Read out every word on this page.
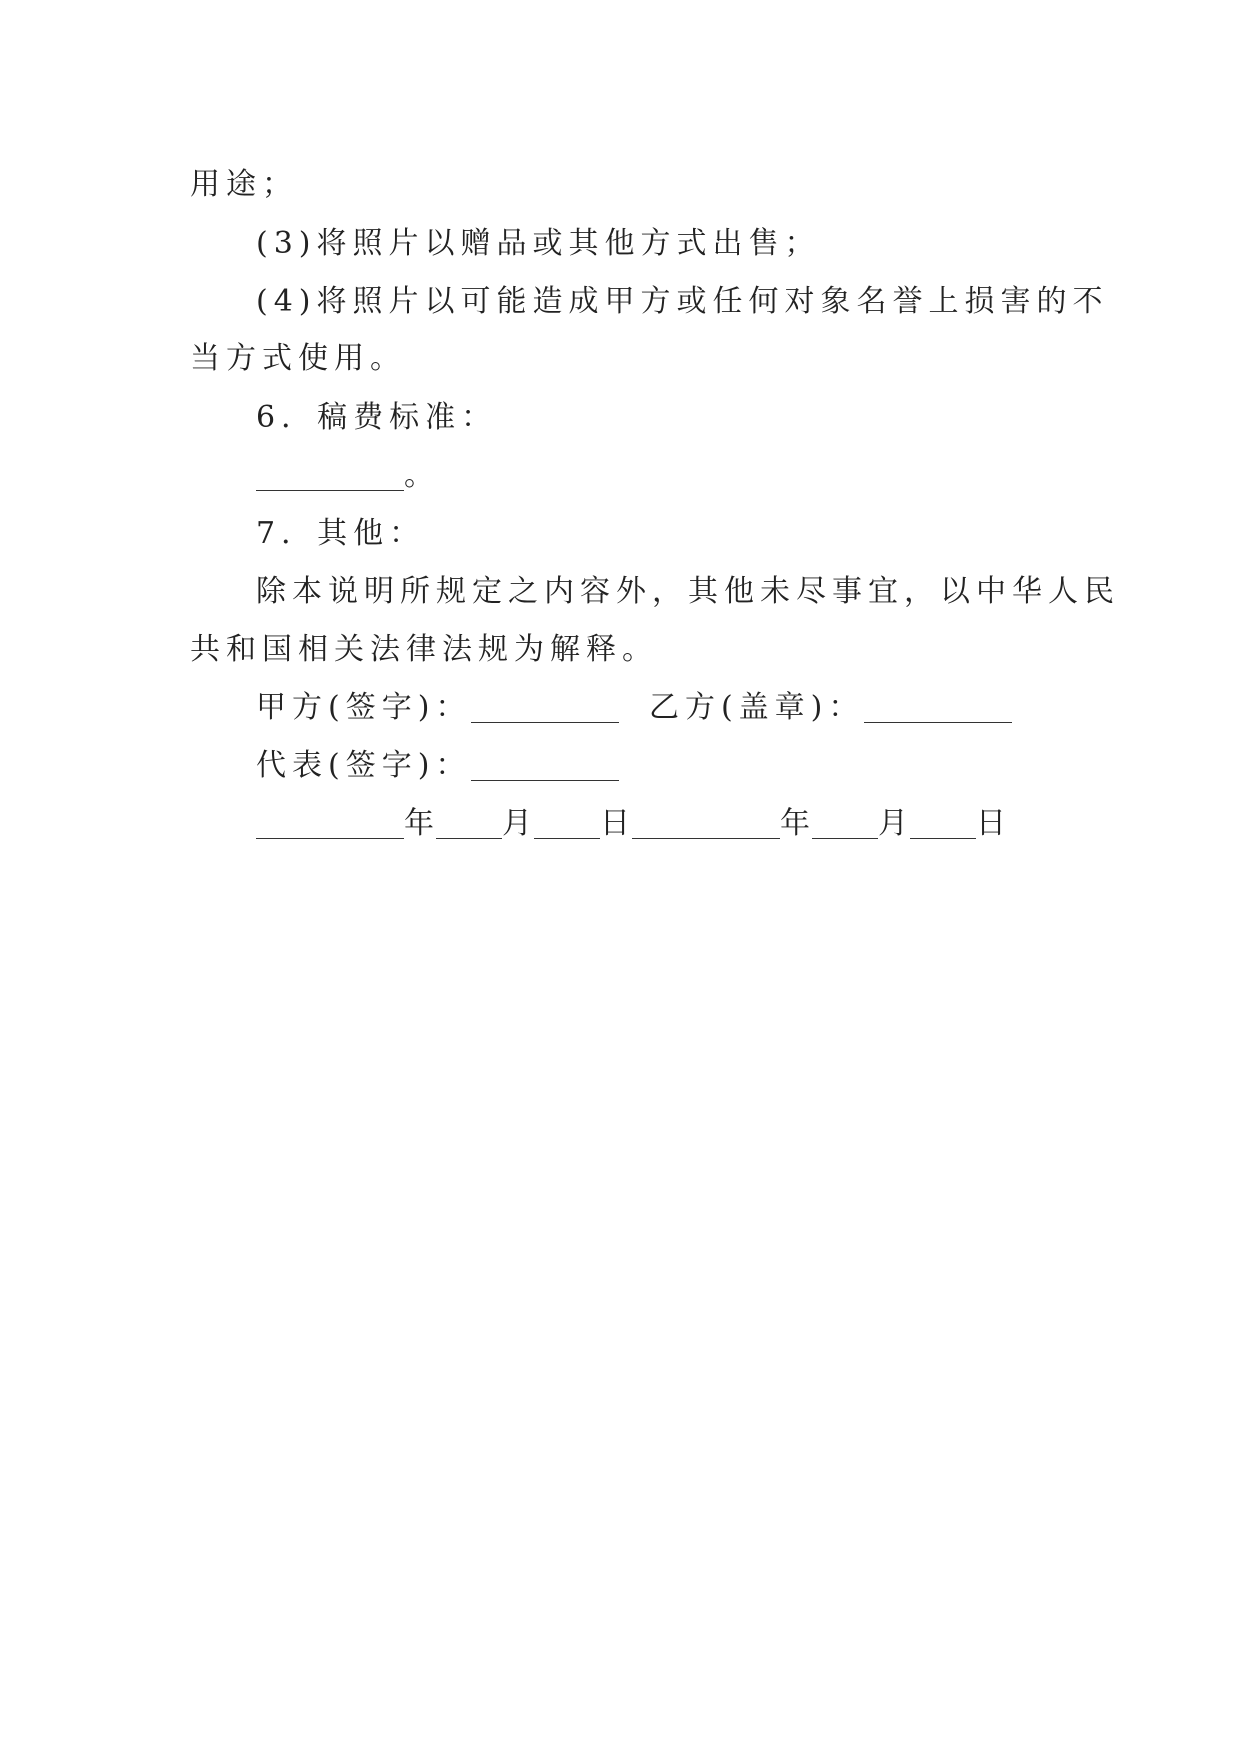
用途；
(3)将照片以赠品或其他方式出售；
(4)将照片以可能造成甲方或任何对象名誉上损害的不
当方式使用。
6．稿费标准：
。
7．其他：
除本说明所规定之内容外，其他未尽事宜，以中华人民
共和国相关法律法规为解释。
甲方(签字)：	乙方(盖章)：
代表(签字)：
年 月 日	年 月 日
